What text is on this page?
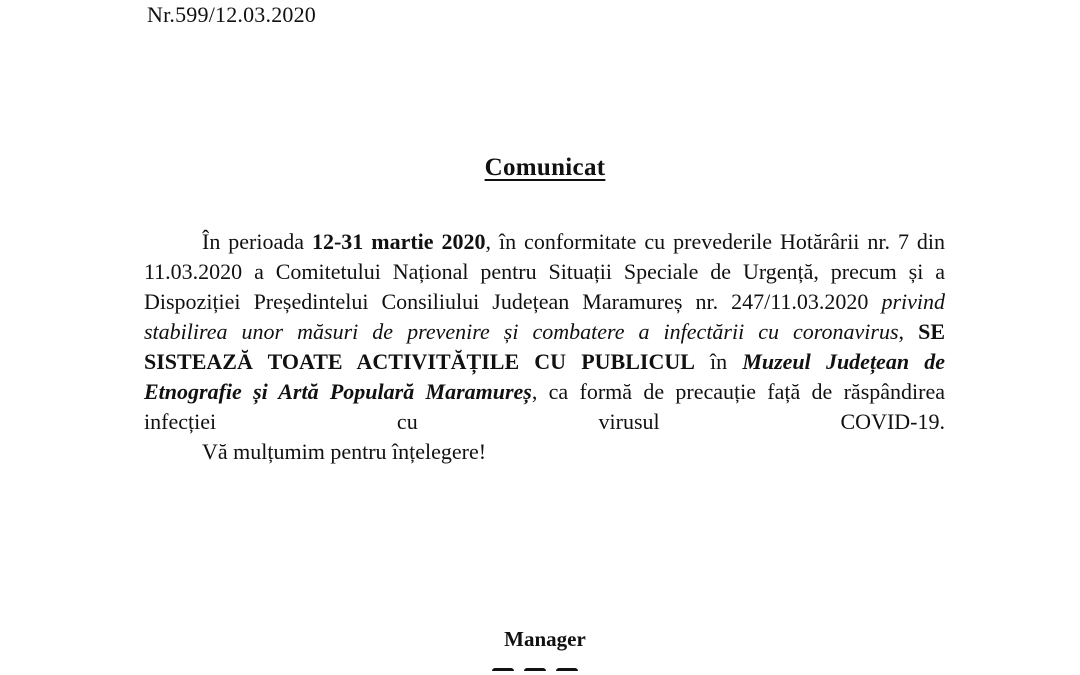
Nr.599/12.03.2020
Comunicat

În perioada 12-31 martie 2020, în conformitate cu prevederile Hotărârii nr. 7 din 11.03.2020 a Comitetului Național pentru Situații Speciale de Urgență, precum și a Dispoziției Președintelui Consiliului Județean Maramureș nr. 247/11.03.2020 privind stabilirea unor măsuri de prevenire și combatere a infectării cu coronavirus, SE SISTEAZĂ TOATE ACTIVITĂȚILE CU PUBLICUL în Muzeul Județean de Etnografie și Artă Populară Maramureș, ca formă de precauție față de răspândirea infecției cu virusul COVID-19.

Vă mulțumim pentru înțelegere!

Manager
